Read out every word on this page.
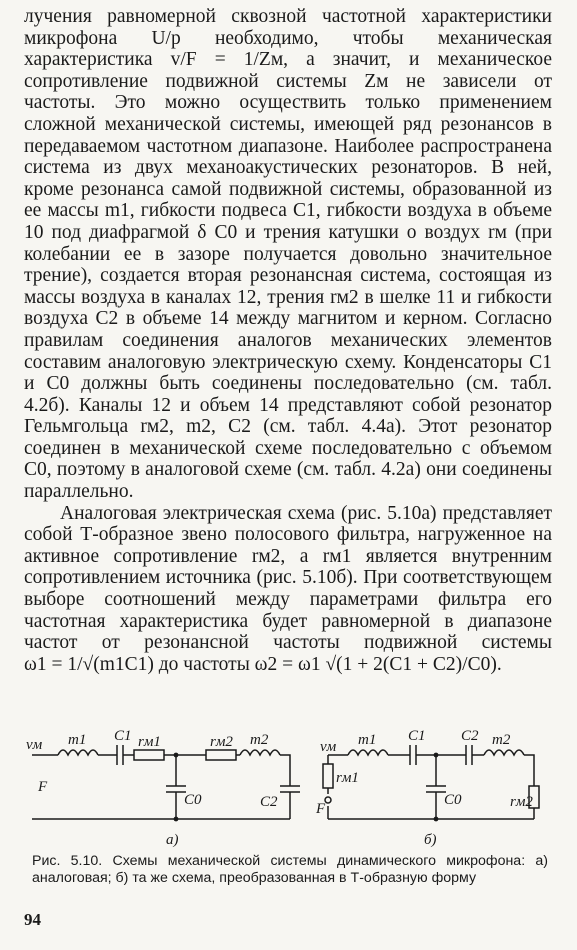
лучения равномерной сквозной частотной характеристики микрофона U/p необходимо, чтобы механическая характеристика v/F = 1/Zм, а значит, и механическое сопротивление подвижной системы Zм не зависели от частоты. Это можно осуществить только применением сложной механической системы, имеющей ряд резонансов в передаваемом частотном диапазоне. Наиболее распространена система из двух механоакустических резонаторов. В ней, кроме резонанса самой подвижной системы, образованной из ее массы m1, гибкости подвеса C1, гибкости воздуха в объеме 10 под диафрагмой δ C0 и трения катушки о воздух rм (при колебании ее в зазоре получается довольно значительное трение), создается вторая резонансная система, состоящая из массы воздуха в каналах 12, трения rм2 в шелке 11 и гибкости воздуха C2 в объеме 14 между магнитом и керном. Согласно правилам соединения аналогов механических элементов составим аналоговую электрическую схему. Конденсаторы C1 и C0 должны быть соединены последовательно (см. табл. 4.2б). Каналы 12 и объем 14 представляют собой резонатор Гельмгольца rм2, m2, C2 (см. табл. 4.4а). Этот резонатор соединен в механической схеме последовательно с объемом C0, поэтому в аналоговой схеме (см. табл. 4.2а) они соединены параллельно.

Аналоговая электрическая схема (рис. 5.10а) представляет собой Т-образное звено полосового фильтра, нагруженное на активное сопротивление rм2, а rм1 является внутренним сопротивлением источника (рис. 5.10б). При соответствующем выборе соотношений между параметрами фильтра его частотная характеристика будет равномерной в диапазоне частот от резонансной частоты подвижной системы ω1 = 1/√(m1C1) до частоты ω2 = ω1 √(1 + 2(C1 + C2)/C0).

vм
F
m1 C1 rм1	rм2 m2
C0	C2
а)
vм
F
m1 C1 C2 m2
rм1
C0	rм2
б)
Рис. 5.10. Схемы механической системы динамического микрофона: а) аналоговая; б) та же схема, преобразованная в Т-образную форму
94
